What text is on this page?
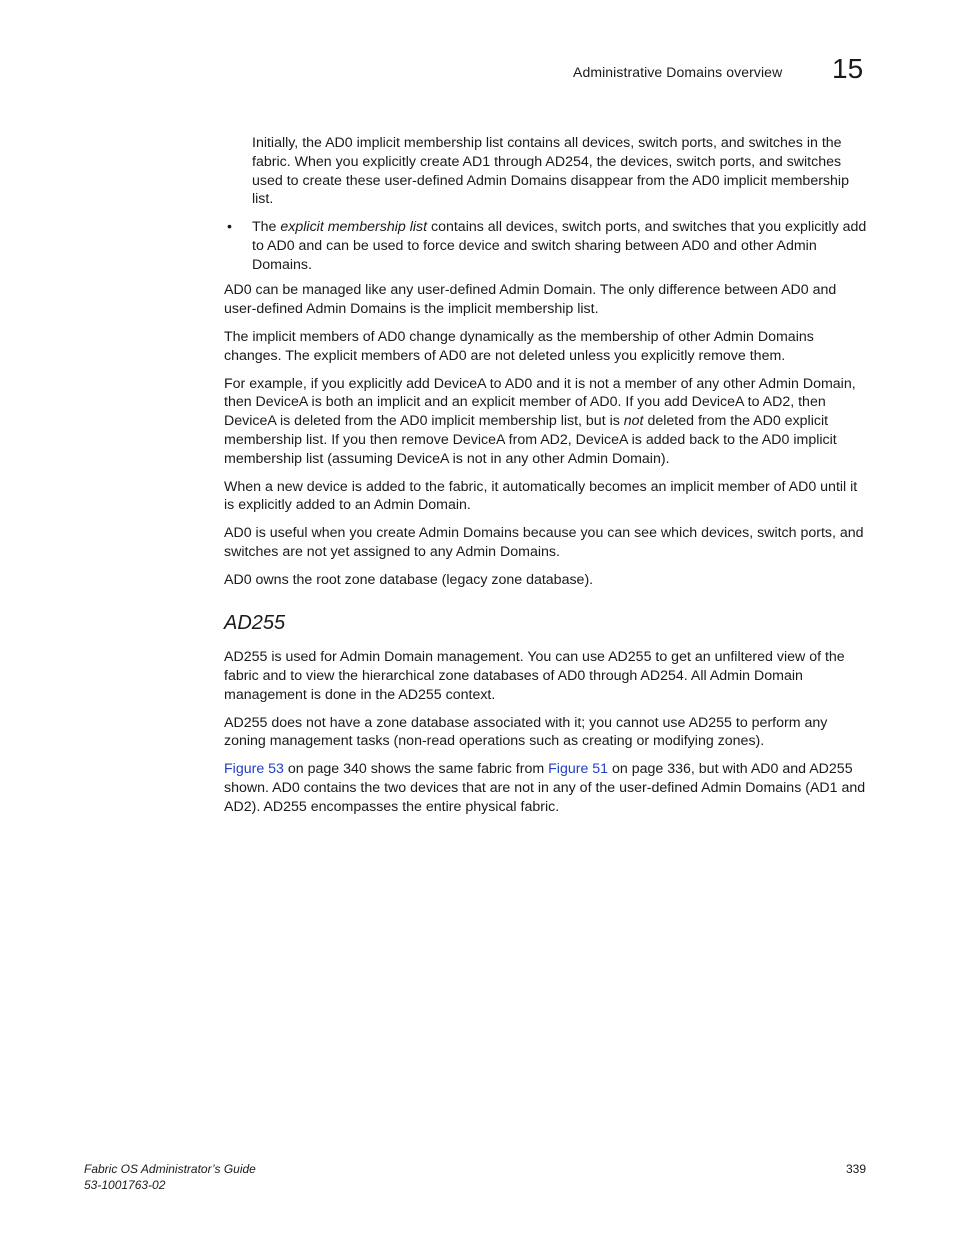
Administrative Domains overview 15

Initially, the AD0 implicit membership list contains all devices, switch ports, and switches in the fabric. When you explicitly create AD1 through AD254, the devices, switch ports, and switches used to create these user-defined Admin Domains disappear from the AD0 implicit membership list.

• The explicit membership list contains all devices, switch ports, and switches that you explicitly add to AD0 and can be used to force device and switch sharing between AD0 and other Admin Domains.

AD0 can be managed like any user-defined Admin Domain. The only difference between AD0 and user-defined Admin Domains is the implicit membership list.

The implicit members of AD0 change dynamically as the membership of other Admin Domains changes. The explicit members of AD0 are not deleted unless you explicitly remove them.

For example, if you explicitly add DeviceA to AD0 and it is not a member of any other Admin Domain, then DeviceA is both an implicit and an explicit member of AD0. If you add DeviceA to AD2, then DeviceA is deleted from the AD0 implicit membership list, but is not deleted from the AD0 explicit membership list. If you then remove DeviceA from AD2, DeviceA is added back to the AD0 implicit membership list (assuming DeviceA is not in any other Admin Domain).

When a new device is added to the fabric, it automatically becomes an implicit member of AD0 until it is explicitly added to an Admin Domain.

AD0 is useful when you create Admin Domains because you can see which devices, switch ports, and switches are not yet assigned to any Admin Domains.

AD0 owns the root zone database (legacy zone database).

AD255

AD255 is used for Admin Domain management. You can use AD255 to get an unfiltered view of the fabric and to view the hierarchical zone databases of AD0 through AD254. All Admin Domain management is done in the AD255 context.

AD255 does not have a zone database associated with it; you cannot use AD255 to perform any zoning management tasks (non-read operations such as creating or modifying zones).

Figure 53 on page 340 shows the same fabric from Figure 51 on page 336, but with AD0 and AD255 shown. AD0 contains the two devices that are not in any of the user-defined Admin Domains (AD1 and AD2). AD255 encompasses the entire physical fabric.

Fabric OS Administrator’s Guide
53-1001763-02
339
